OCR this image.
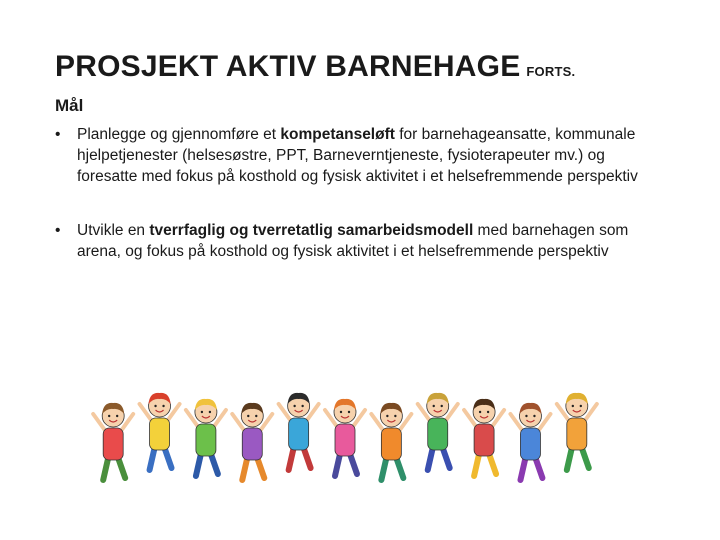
PROSJEKT AKTIV BARNEHAGE FORTS.
Mål
• Planlegge og gjennomføre et kompetanseløft for barnehageansatte, kommunale hjelpetjenester (helsesøstre, PPT, Barneverntjeneste, fysioterapeuter mv.) og foresatte med fokus på kosthold og fysisk aktivitet i et helsefremmende perspektiv
• Utvikle en tverrfaglig og tverretatlig samarbeidsmodell med barnehagen som arena, og fokus på kosthold og fysisk aktivitet i et helsefremmende perspektiv
